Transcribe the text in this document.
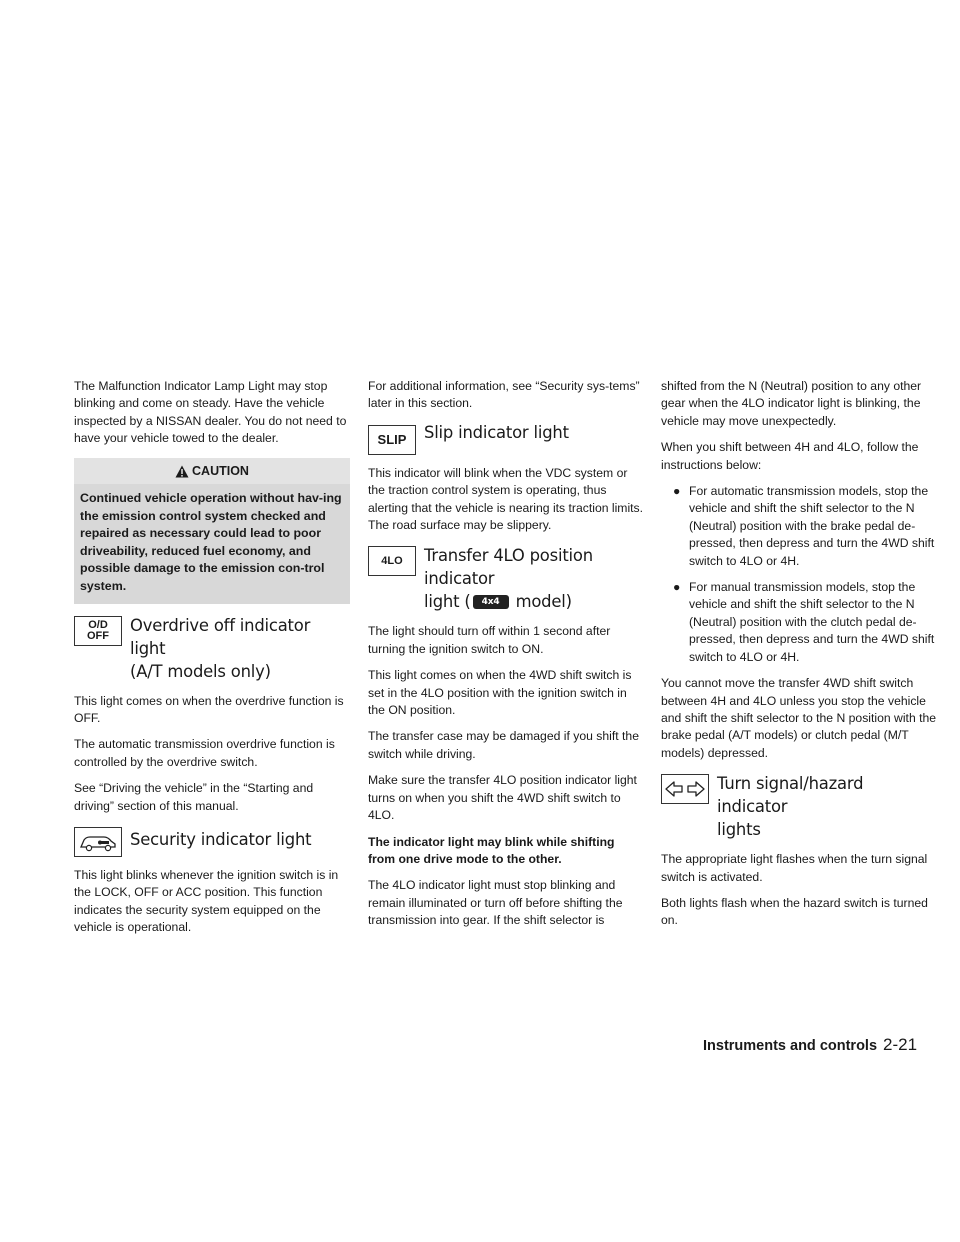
The Malfunction Indicator Lamp Light may stop blinking and come on steady. Have the vehicle inspected by a NISSAN dealer. You do not need to have your vehicle towed to the dealer.

CAUTION
Continued vehicle operation without hav-ing the emission control system checked and repaired as necessary could lead to poor driveability, reduced fuel economy, and possible damage to the emission con-trol system.
O/D
OFF
Overdrive off indicator light
(A/T models only)

This light comes on when the overdrive function is OFF.

The automatic transmission overdrive function is controlled by the overdrive switch.

See “Driving the vehicle” in the “Starting and driving” section of this manual.

Security indicator light

This light blinks whenever the ignition switch is in the LOCK, OFF or ACC position. This function indicates the security system equipped on the vehicle is operational.

For additional information, see “Security sys-tems” later in this section.

SLIP Slip indicator light

This indicator will blink when the VDC system or the traction control system is operating, thus alerting that the vehicle is nearing its traction limits. The road surface may be slippery.

4LO Transfer 4LO position indicator
light (	4x4 model)

The light should turn off within 1 second after turning the ignition switch to ON.

This light comes on when the 4WD shift switch is set in the 4LO position with the ignition switch in the ON position.

The transfer case may be damaged if you shift the switch while driving.

Make sure the transfer 4LO position indicator light turns on when you shift the 4WD shift switch to 4LO.

The indicator light may blink while shifting from one drive mode to the other.

The 4LO indicator light must stop blinking and remain illuminated or turn off before shifting the transmission into gear. If the shift selector is

shifted from the N (Neutral) position to any other gear when the 4LO indicator light is blinking, the vehicle may move unexpectedly.

When you shift between 4H and 4LO, follow the instructions below:

● For automatic transmission models, stop the vehicle and shift the shift selector to the N (Neutral) position with the brake pedal de-pressed, then depress and turn the 4WD shift switch to 4LO or 4H.
● For manual transmission models, stop the vehicle and shift the shift selector to the N (Neutral) position with the clutch pedal de-pressed, then depress and turn the 4WD shift switch to 4LO or 4H.

You cannot move the transfer 4WD shift switch between 4H and 4LO unless you stop the vehicle and shift the shift selector to the N position with the brake pedal (A/T models) or clutch pedal (M/T models) depressed.

Turn signal/hazard indicator
lights

The appropriate light flashes when the turn signal switch is activated.

Both lights flash when the hazard switch is turned on.

Instruments and controls 2-21
